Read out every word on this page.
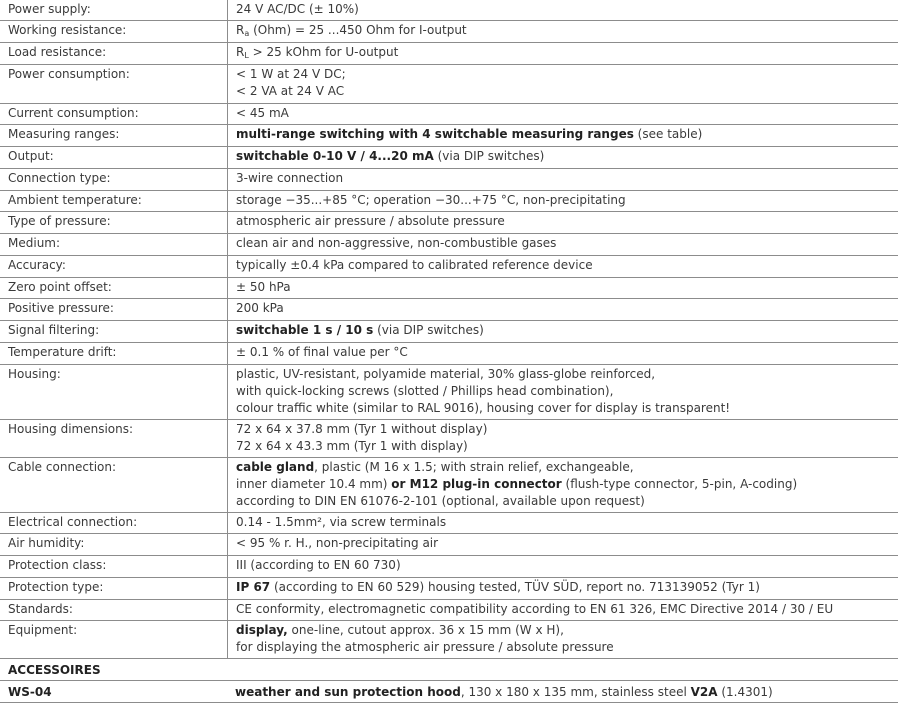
Power supply:	24 V AC/DC (± 10%)
Working resistance:	$R_a$ (Ohm) = 25 ...450 Ohm for I-output
Load resistance:	$R_L > 25$ kOhm for U-output
Power consumption:	< 1 W at 24 V DC;
< 2 VA at 24 V AC
Current consumption:	< 45 mA
Measuring ranges:	multi-range switching with 4 switchable measuring ranges (see table)
Output:	switchable 0-10 V / 4...20 mA (via DIP switches)
Connection type:	3-wire connection
Ambient temperature:	storage −35...+85 °C; operation −30...+75 °C, non-precipitating
Type of pressure:	atmospheric air pressure / absolute pressure
Medium:	clean air and non-aggressive, non-combustible gases
Accuracy:	typically ±0.4 kPa compared to calibrated reference device
Zero point offset:	± 50 hPa
Positive pressure:	200 kPa
Signal filtering:	switchable 1 s / 10 s (via DIP switches)
Temperature drift:	± 0.1 % of final value per °C
Housing:	plastic, UV-resistant, polyamide material, 30% glass-globe reinforced,
with quick-locking screws (slotted / Phillips head combination),
colour traffic white (similar to RAL 9016), housing cover for display is transparent!
Housing dimensions:	72 x 64 x 37.8 mm (Tyr 1 without display)
72 x 64 x 43.3 mm (Tyr 1 with display)
Cable connection:	cable gland, plastic (M 16 x 1.5; with strain relief, exchangeable,
inner diameter 10.4 mm) or M12 plug-in connector (flush-type connector, 5-pin, A-coding)
according to DIN EN 61076-2-101 (optional, available upon request)
Electrical connection:	0.14 - 1.5mm², via screw terminals
Air humidity:	< 95 % r. H., non-precipitating air
Protection class:	III (according to EN 60 730)
Protection type:	IP 67 (according to EN 60 529) housing tested, TÜV SÜD, report no. 713139052 (Tyr 1)
Standards:	CE conformity, electromagnetic compatibility according to EN 61 326, EMC Directive 2014 / 30 / EU
Equipment:	display, one-line, cutout approx. 36 x 15 mm (W x H),
for displaying the atmospheric air pressure / absolute pressure
ACCESSOIRES
WS-04	weather and sun protection hood, 130 x 180 x 135 mm, stainless steel V2A (1.4301)
